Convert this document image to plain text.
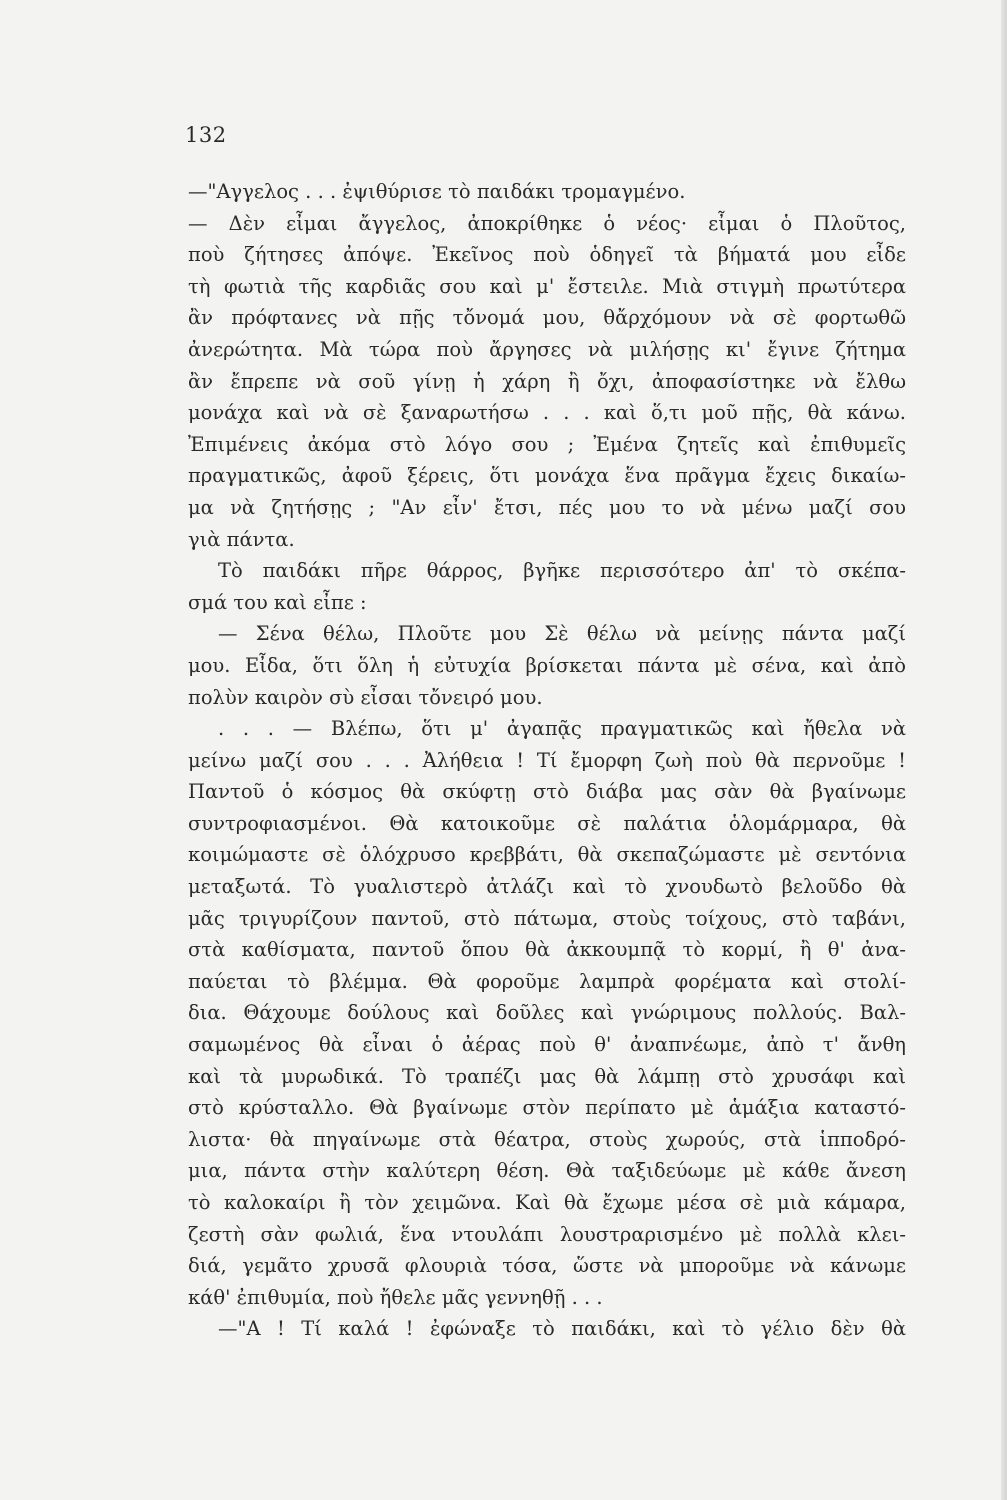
132
—"Αγγελος . . . ἐψιθύρισε τὸ παιδάκι τρομαγμένο.
— Δὲν εἶμαι ἄγγελος, ἀποκρίθηκε ὁ νέος· εἶμαι ὁ Πλοῦτος,
ποὺ ζήτησες ἀπόψε. Ἐκεῖνος ποὺ ὁδηγεῖ τὰ βήματά μου εἶδε
τὴ φωτιὰ τῆς καρδιᾶς σου καὶ μ' ἔστειλε. Μιὰ στιγμὴ πρωτύτερα
ἂν πρόφτανες νὰ πῇς τὄνομά μου, θἄρχόμουν νὰ σὲ φορτωθῶ
ἀνερώτητα. Μὰ τώρα ποὺ ἄργησες νὰ μιλήσῃς κι' ἔγινε ζήτημα
ἂν ἔπρεπε νὰ σοῦ γίνῃ ἡ χάρη ἢ ὄχι, ἀποφασίστηκε νὰ ἔλθω
μονάχα καὶ νὰ σὲ ξαναρωτήσω . . . καὶ ὅ,τι μοῦ πῇς, θὰ κάνω.
Ἐπιμένεις ἀκόμα στὸ λόγο σου ; Ἐμένα ζητεῖς καὶ ἐπιθυμεῖς
πραγματικῶς, ἀφοῦ ξέρεις, ὅτι μονάχα ἕνα πρᾶγμα ἔχεις δικαίω-
μα νὰ ζητήσῃς ; "Αν εἶν' ἔτσι, πές μου το νὰ μένω μαζί σου
γιὰ πάντα.
Τὸ παιδάκι πῆρε θάρρος, βγῆκε περισσότερο ἀπ' τὸ σκέπα-
σμά του καὶ εἶπε :
— Σένα θέλω, Πλοῦτε μου Σὲ θέλω νὰ μείνῃς πάντα μαζί
μου. Εἶδα, ὅτι ὅλη ἡ εὐτυχία βρίσκεται πάντα μὲ σένα, καὶ ἀπὸ
πολὺν καιρὸν σὺ εἶσαι τὄνειρό μου.
. . . — Βλέπω, ὅτι μ' ἀγαπᾷς πραγματικῶς καὶ ἤθελα νὰ
μείνω μαζί σου . . . Ἀλήθεια ! Τί ἔμορφη ζωὴ ποὺ θὰ περνοῦμε !
Παντοῦ ὁ κόσμος θὰ σκύφτῃ στὸ διάβα μας σὰν θὰ βγαίνωμε
συντροφιασμένοι. Θὰ κατοικοῦμε σὲ παλάτια ὁλομάρμαρα, θὰ
κοιμώμαστε σὲ ὁλόχρυσο κρεββάτι, θὰ σκεπαζώμαστε μὲ σεντόνια
μεταξωτά. Τὸ γυαλιστερὸ ἀτλάζι καὶ τὸ χνουδωτὸ βελοῦδο θὰ
μᾶς τριγυρίζουν παντοῦ, στὸ πάτωμα, στοὺς τοίχους, στὸ ταβάνι,
στὰ καθίσματα, παντοῦ ὅπου θὰ ἀκκουμπᾷ τὸ κορμί, ἢ θ' ἀνα-
παύεται τὸ βλέμμα. Θὰ φοροῦμε λαμπρὰ φορέματα καὶ στολί-
δια. Θάχουμε δούλους καὶ δοῦλες καὶ γνώριμους πολλούς. Βαλ-
σαμωμένος θὰ εἶναι ὁ ἀέρας ποὺ θ' ἀναπνέωμε, ἀπὸ τ' ἄνθη
καὶ τὰ μυρωδικά. Τὸ τραπέζι μας θὰ λάμπῃ στὸ χρυσάφι καὶ
στὸ κρύσταλλο. Θὰ βγαίνωμε στὸν περίπατο μὲ ἁμάξια καταστό-
λιστα· θὰ πηγαίνωμε στὰ θέατρα, στοὺς χωρούς, στὰ ἱπποδρό-
μια, πάντα στὴν καλύτερη θέση. Θὰ ταξιδεύωμε μὲ κάθε ἄνεση
τὸ καλοκαίρι ἢ τὸν χειμῶνα. Καὶ θὰ ἔχωμε μέσα σὲ μιὰ κάμαρα,
ζεστὴ σὰν φωλιά, ἕνα ντουλάπι λουστραρισμένο μὲ πολλὰ κλει-
διά, γεμᾶτο χρυσᾶ φλουριὰ τόσα, ὥστε νὰ μποροῦμε νὰ κάνωμε
κάθ' ἐπιθυμία, ποὺ ἤθελε μᾶς γεννηθῇ . . .
—"Α ! Τί καλά ! ἐφώναξε τὸ παιδάκι, καὶ τὸ γέλιο δὲν θὰ
